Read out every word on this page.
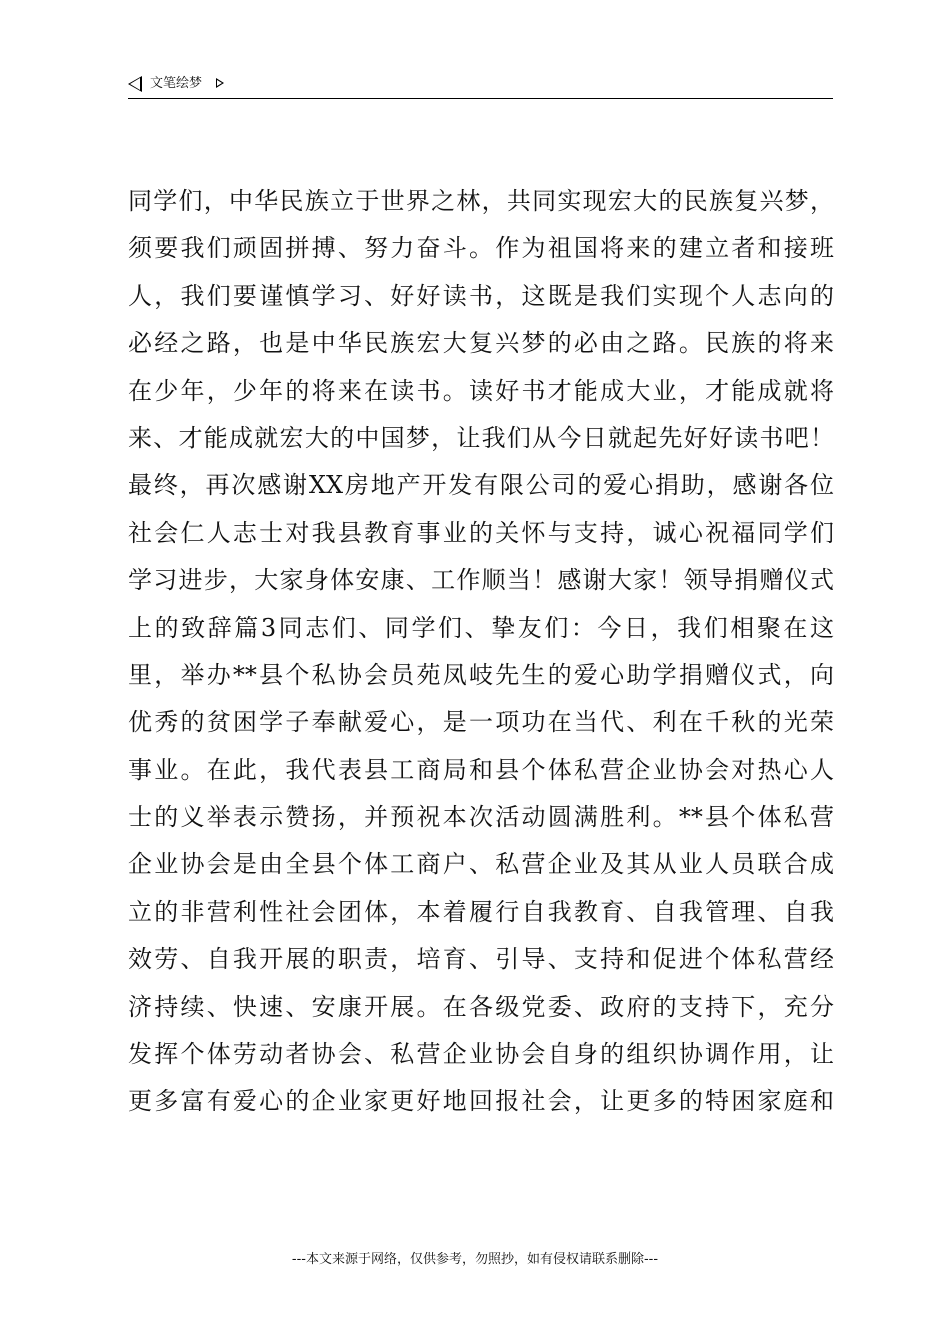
文笔绘梦
同学们，中华民族立于世界之林，共同实现宏大的民族复兴梦，
须要我们顽固拼搏、努力奋斗。作为祖国将来的建立者和接班
人，我们要谨慎学习、好好读书，这既是我们实现个人志向的
必经之路，也是中华民族宏大复兴梦的必由之路。民族的将来
在少年，少年的将来在读书。读好书才能成大业，才能成就将
来、才能成就宏大的中国梦，让我们从今日就起先好好读书吧！
最终，再次感谢XX房地产开发有限公司的爱心捐助，感谢各位
社会仁人志士对我县教育事业的关怀与支持，诚心祝福同学们
学习进步，大家身体安康、工作顺当！感谢大家！领导捐赠仪式
上的致辞篇3同志们、同学们、挚友们：今日，我们相聚在这
里，举办**县个私协会员苑凤岐先生的爱心助学捐赠仪式，向
优秀的贫困学子奉献爱心，是一项功在当代、利在千秋的光荣
事业。在此，我代表县工商局和县个体私营企业协会对热心人
士的义举表示赞扬，并预祝本次活动圆满胜利。**县个体私营
企业协会是由全县个体工商户、私营企业及其从业人员联合成
立的非营利性社会团体，本着履行自我教育、自我管理、自我
效劳、自我开展的职责，培育、引导、支持和促进个体私营经
济持续、快速、安康开展。在各级党委、政府的支持下，充分
发挥个体劳动者协会、私营企业协会自身的组织协调作用，让
更多富有爱心的企业家更好地回报社会，让更多的特困家庭和
---本文来源于网络，仅供参考，勿照抄，如有侵权请联系删除---
